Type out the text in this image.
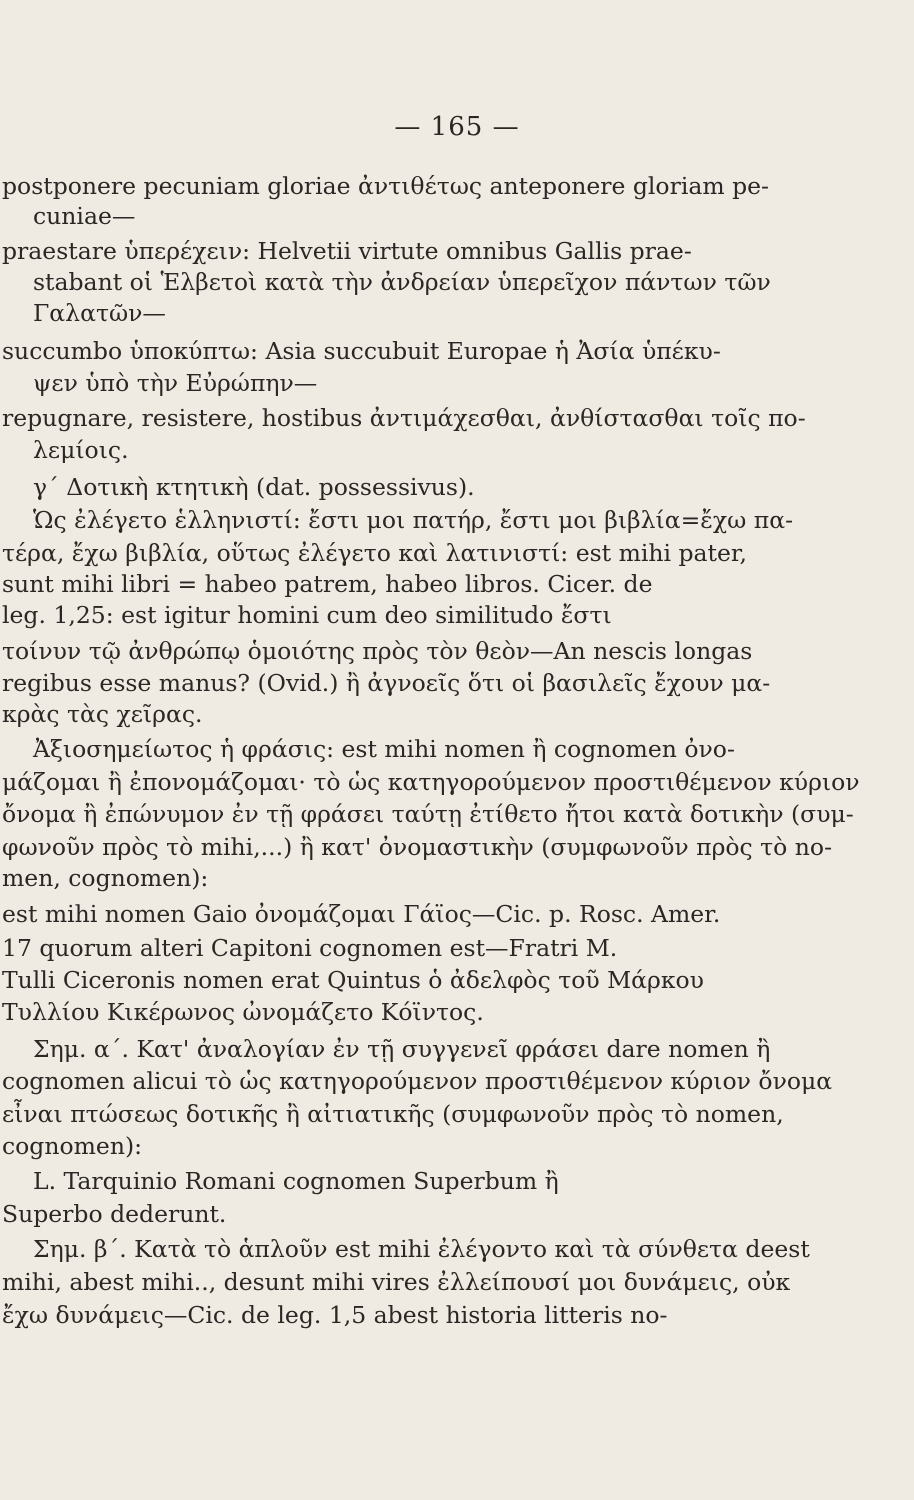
— 165 —
postponere pecuniam gloriae ἀντιθέτως anteponere gloriam pe-
cuniae—
praestare ὑπερέχειν: Helvetii virtute omnibus Gallis prae-
stabant οἱ Ἑλβετοὶ κατὰ τὴν ἀνδρείαν ὑπερεῖχον πάντων τῶν
Γαλατῶν—
succumbo ὑποκύπτω: Asia succubuit Europae ἡ Ἀσία ὑπέκυ-
ψεν ὑπὸ τὴν Εὐρώπην—
repugnare, resistere, hostibus ἀντιμάχεσθαι, ἀνθίστασθαι τοῖς πο-
λεμίοις.
γ΄ Δοτικὴ κτητικὴ (dat. possessivus).
Ὡς ἐλέγετο ἑλληνιστί: ἔστι μοι πατήρ, ἔστι μοι βιβλία=ἔχω πα-
τέρα, ἔχω βιβλία, οὕτως ἐλέγετο καὶ λατινιστί: est mihi pater,
sunt mihi libri = habeo patrem, habeo libros. Cicer. de
leg. 1,25: est igitur homini cum deo similitudo ἔστι
τοίνυν τῷ ἀνθρώπῳ ὁμοιότης πρὸς τὸν θεὸν—An nescis longas
regibus esse manus? (Ovid.) ἢ ἀγνοεῖς ὅτι οἱ βασιλεῖς ἔχουν μα-
κρὰς τὰς χεῖρας.
Ἀξιοσημείωτος ἡ φράσις: est mihi nomen ἢ cognomen ὀνο-
μάζομαι ἢ ἐπονομάζομαι· τὸ ὡς κατηγορούμενον προστιθέμενον κύριον
ὄνομα ἢ ἐπώνυμον ἐν τῇ φράσει ταύτῃ ἐτίθετο ἤτοι κατὰ δοτικὴν (συμ-
φωνοῦν πρὸς τὸ mihi,...) ἢ κατ' ὀνομαστικὴν (συμφωνοῦν πρὸς τὸ no-
men, cognomen):
est mihi nomen Gaio ὀνομάζομαι Γάϊος—Cic. p. Rosc. Amer.
17 quorum alteri Capitoni cognomen est—Fratri M.
Tulli Ciceronis nomen erat Quintus ὁ ἀδελφὸς τοῦ Μάρκου
Τυλλίου Κικέρωνος ὠνομάζετο Κόϊντος.
Σημ. α΄. Κατ' ἀναλογίαν ἐν τῇ συγγενεῖ φράσει dare nomen ἢ
cognomen alicui τὸ ὡς κατηγορούμενον προστιθέμενον κύριον ὄνομα
εἶναι πτώσεως δοτικῆς ἢ αἰτιατικῆς (συμφωνοῦν πρὸς τὸ nomen,
cognomen):
L. Tarquinio Romani cognomen Superbum ἢ
Superbo dederunt.
Σημ. β΄. Κατὰ τὸ ἁπλοῦν est mihi ἐλέγοντο καὶ τὰ σύνθετα deest
mihi, abest mihi.., desunt mihi vires ἐλλείπουσί μοι δυνάμεις, οὐκ
ἔχω δυνάμεις—Cic. de leg. 1,5 abest historia litteris no-
